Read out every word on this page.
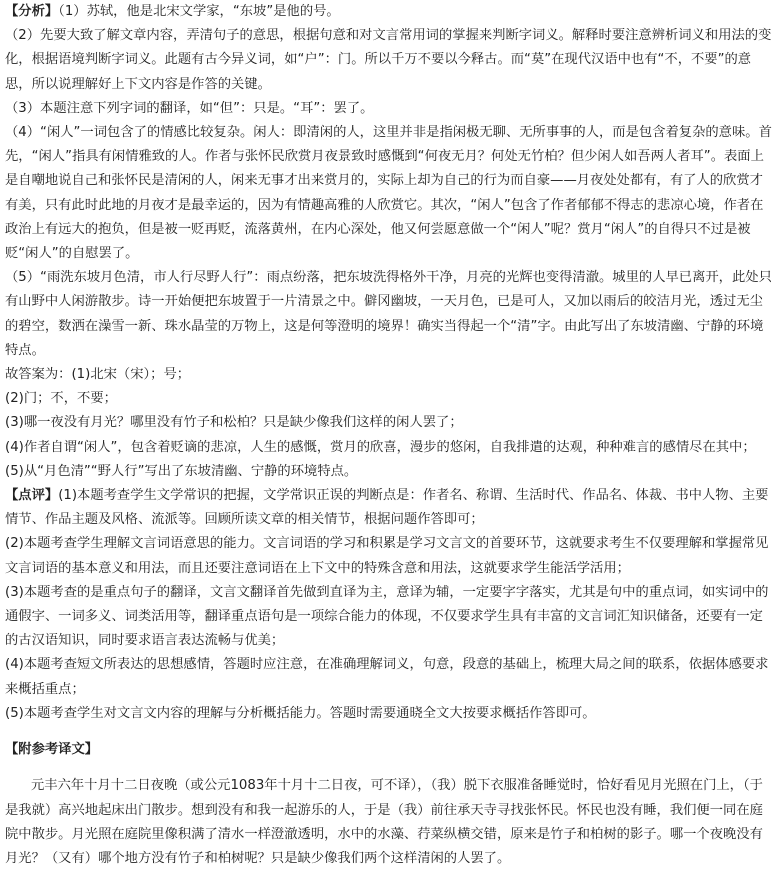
【分析】（1）苏轼，他是北宋文学家，“东坡”是他的号。

（2）先要大致了解文章内容，弄清句子的意思，根据句意和对文言常用词的掌握来判断字词义。解释时要注意辨析词义和用法的变化，根据语境判断字词义。此题有古今异义词，如“户”：门。所以千万不要以今释古。而“莫”在现代汉语中也有“不，不要”的意思，所以说理解好上下文内容是作答的关键。

（3）本题注意下列字词的翻译，如“但”：只是。“耳”：罢了。

（4）“闲人”一词包含了的情感比较复杂。闲人：即清闲的人，这里并非是指闲极无聊、无所事事的人，而是包含着复杂的意味。首先，“闲人”指具有闲情雅致的人。作者与张怀民欣赏月夜景致时感慨到“何夜无月？何处无竹柏？但少闲人如吾两人者耳”。表面上是自嘲地说自己和张怀民是清闲的人，闲来无事才出来赏月的，实际上却为自己的行为而自豪——月夜处处都有，有了人的欣赏才有美，只有此时此地的月夜才是最幸运的，因为有情趣高雅的人欣赏它。其次，“闲人”包含了作者郁郁不得志的悲凉心境，作者在政治上有远大的抱负，但是被一贬再贬，流落黄州，在内心深处，他又何尝愿意做一个“闲人”呢？赏月“闲人”的自得只不过是被贬“闲人”的自慰罢了。

（5）“雨洗东坡月色清，市人行尽野人行”：雨点纷落，把东坡洗得格外干净，月亮的光辉也变得清澈。城里的人早已离开，此处只有山野中人闲游散步。诗一开始便把东坡置于一片清景之中。僻冈幽坡，一天月色，已是可人，又加以雨后的皎洁月光，透过无尘的碧空，数洒在澡雪一新、珠水晶莹的万物上，这是何等澄明的境界！确实当得起一个“清”字。由此写出了东坡清幽、宁静的环境特点。

故答案为：(1)北宋（宋）；号；

(2)门；不，不要；

(3)哪一夜没有月光？哪里没有竹子和松柏？只是缺少像我们这样的闲人罢了；

(4)作者自谓“闲人”，包含着贬谪的悲凉，人生的感慨，赏月的欣喜，漫步的悠闲，自我排遣的达观，种种难言的感情尽在其中；

(5)从“月色清”“野人行”写出了东坡清幽、宁静的环境特点。

【点评】(1)本题考查学生文学常识的把握，文学常识正误的判断点是：作者名、称谓、生活时代、作品名、体裁、书中人物、主要情节、作品主题及风格、流派等。回顾所读文章的相关情节，根据问题作答即可；

(2)本题考查学生理解文言词语意思的能力。文言词语的学习和积累是学习文言文的首要环节，这就要求考生不仅要理解和掌握常见文言词语的基本意义和用法，而且还要注意词语在上下文中的特殊含意和用法，这就要求学生能活学活用；

(3)本题考查的是重点句子的翻译，文言文翻译首先做到直译为主，意译为辅，一定要字字落实，尤其是句中的重点词，如实词中的通假字、一词多义、词类活用等，翻译重点语句是一项综合能力的体现，不仅要求学生具有丰富的文言词汇知识储备，还要有一定的古汉语知识，同时要求语言表达流畅与优美；

(4)本题考查短文所表达的思想感情，答题时应注意，在准确理解词义，句意，段意的基础上，梳理大局之间的联系，依据体感要求来概括重点；

(5)本题考查学生对文言文内容的理解与分析概括能力。答题时需要通晓全文大按要求概括作答即可。

【附参考译文】

元丰六年十月十二日夜晚（或公元1083年十月十二日夜，可不译），（我）脱下衣服准备睡觉时，恰好看见月光照在门上，（于是我就）高兴地起床出门散步。想到没有和我一起游乐的人，于是（我）前往承天寺寻找张怀民。怀民也没有睡，我们便一同在庭院中散步。月光照在庭院里像积满了清水一样澄澈透明，水中的水藻、荇菜纵横交错，原来是竹子和柏树的影子。哪一个夜晚没有月光？（又有）哪个地方没有竹子和柏树呢？只是缺少像我们两个这样清闲的人罢了。
